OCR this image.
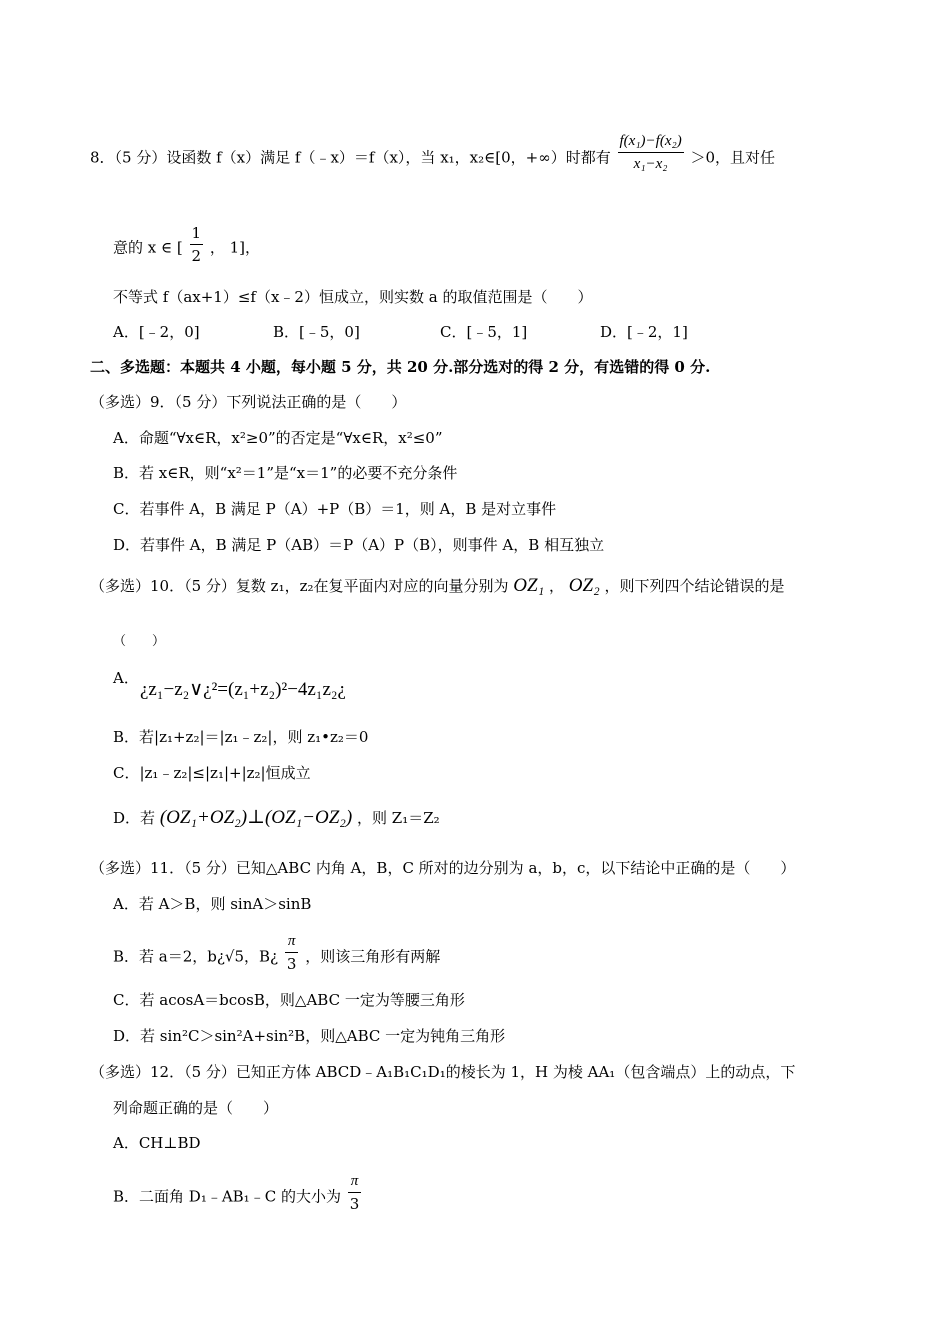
8．（5 分）设函数 f（x）满足 f（﹣x）＝f（x），当 x₁，x₂∈[0，+∞）时都有 $\frac{\text{f(x₁)−f(x₂)}}{\text{x₁−x₂}} >0$，且对任
意的 x ∈ [ $\frac{1}{2}$ ， 1]，
不等式 f（ax+1）≤f（x﹣2）恒成立，则实数 a 的取值范围是（　　）
A．[﹣2，0]	B．[﹣5，0]	C．[﹣5，1]	D．[﹣2，1]
二、多选题：本题共 4 小题，每小题 5 分，共 20 分.部分选对的得 2 分，有选错的得 0 分.
（多选）9．（5 分）下列说法正确的是（　　）
A．命题“∀x∈R，x²≥0”的否定是“∀x∈R，x²≤0”
B．若 x∈R，则“x²＝1”是“x＝1”的必要不充分条件
C．若事件 A，B 满足 P（A）+P（B）＝1，则 A，B 是对立事件
D．若事件 A，B 满足 P（AB）＝P（A）P（B），则事件 A，B 相互独立
（多选）10．（5 分）复数 z₁，z₂在复平面内对应的向量分别为 OZ₁ ， OZ₂ ，则下列四个结论错误的是
（　　）
A．
¿z₁−z₂∨¿²=(z₁+z₂)²−4z₁z₂¿
B．若|z₁+z₂|＝|z₁﹣z₂|，则 z₁•z₂＝0
C．|z₁﹣z₂|≤|z₁|+|z₂|恒成立
D．若 (OZ₁+OZ₂)⊥(OZ₁−OZ₂) ，则 Z₁＝Z₂
（多选）11．（5 分）已知△ABC 内角 A，B，C 所对的边分别为 a，b，c，以下结论中正确的是（　　）
A．若 A＞B，则 sinA＞sinB
B．若 a＝2，b¿√5，B¿ $\frac{\pi}{3}$ ，则该三角形有两解
C．若 acosA＝bcosB，则△ABC 一定为等腰三角形
D．若 sin²C＞sin²A+sin²B，则△ABC 一定为钝角三角形
（多选）12．（5 分）已知正方体 ABCD﹣A₁B₁C₁D₁的棱长为 1，H 为棱 AA₁（包含端点）上的动点，下
列命题正确的是（　　）
A．CH⊥BD
B．二面角 D₁﹣AB₁﹣C 的大小为 $\frac{\pi}{3}$
